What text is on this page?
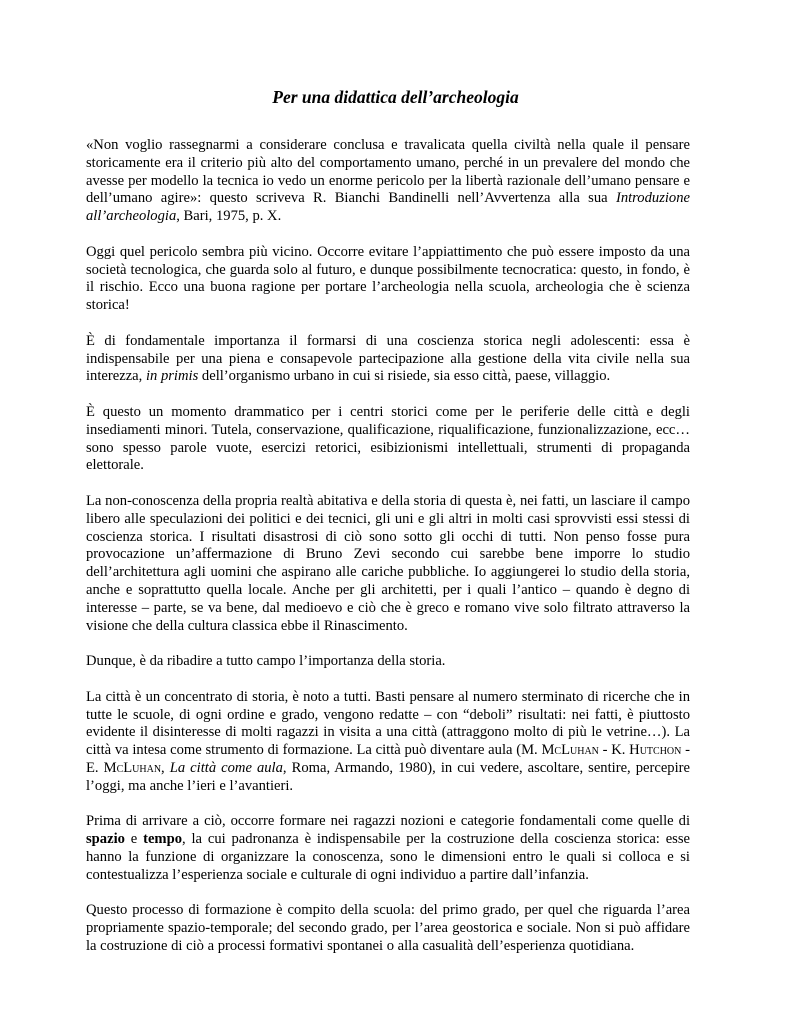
Per una didattica dell’archeologia

«Non voglio rassegnarmi a considerare conclusa e travalicata quella civiltà nella quale il pensare storicamente era il criterio più alto del comportamento umano, perché in un prevalere del mondo che avesse per modello la tecnica io vedo un enorme pericolo per la libertà razionale dell’umano pensare e dell’umano agire»: questo scriveva R. Bianchi Bandinelli nell’Avvertenza alla sua Introduzione all’archeologia, Bari, 1975, p. X.

Oggi quel pericolo sembra più vicino. Occorre evitare l’appiattimento che può essere imposto da una società tecnologica, che guarda solo al futuro, e dunque possibilmente tecnocratica: questo, in fondo, è il rischio. Ecco una buona ragione per portare l’archeologia nella scuola, archeologia che è scienza storica!

È di fondamentale importanza il formarsi di una coscienza storica negli adolescenti: essa è indispensabile per una piena e consapevole partecipazione alla gestione della vita civile nella sua interezza, in primis dell’organismo urbano in cui si risiede, sia esso città, paese, villaggio.

È questo un momento drammatico per i centri storici come per le periferie delle città e degli insediamenti minori. Tutela, conservazione, qualificazione, riqualificazione, funzionalizzazione, ecc… sono spesso parole vuote, esercizi retorici, esibizionismi intellettuali, strumenti di propaganda elettorale.

La non-conoscenza della propria realtà abitativa e della storia di questa è, nei fatti, un lasciare il campo libero alle speculazioni dei politici e dei tecnici, gli uni e gli altri in molti casi sprovvisti essi stessi di coscienza storica. I risultati disastrosi di ciò sono sotto gli occhi di tutti. Non penso fosse pura provocazione un’affermazione di Bruno Zevi secondo cui sarebbe bene imporre lo studio dell’architettura agli uomini che aspirano alle cariche pubbliche. Io aggiungerei lo studio della storia, anche e soprattutto quella locale. Anche per gli architetti, per i quali l’antico – quando è degno di interesse – parte, se va bene, dal medioevo e ciò che è greco e romano vive solo filtrato attraverso la visione che della cultura classica ebbe il Rinascimento.

Dunque, è da ribadire a tutto campo l’importanza della storia.

La città è un concentrato di storia, è noto a tutti. Basti pensare al numero sterminato di ricerche che in tutte le scuole, di ogni ordine e grado, vengono redatte – con “deboli” risultati: nei fatti, è piuttosto evidente il disinteresse di molti ragazzi in visita a una città (attraggono molto di più le vetrine…). La città va intesa come strumento di formazione. La città può diventare aula (M. McLuhan - K. Hutchon - E. McLuhan, La città come aula, Roma, Armando, 1980), in cui vedere, ascoltare, sentire, percepire l’oggi, ma anche l’ieri e l’avantieri.

Prima di arrivare a ciò, occorre formare nei ragazzi nozioni e categorie fondamentali come quelle di spazio e tempo, la cui padronanza è indispensabile per la costruzione della coscienza storica: esse hanno la funzione di organizzare la conoscenza, sono le dimensioni entro le quali si colloca e si contestualizza l’esperienza sociale e culturale di ogni individuo a partire dall’infanzia.

Questo processo di formazione è compito della scuola: del primo grado, per quel che riguarda l’area propriamente spazio-temporale; del secondo grado, per l’area geostorica e sociale. Non si può affidare la costruzione di ciò a processi formativi spontanei o alla casualità dell’esperienza quotidiana.
